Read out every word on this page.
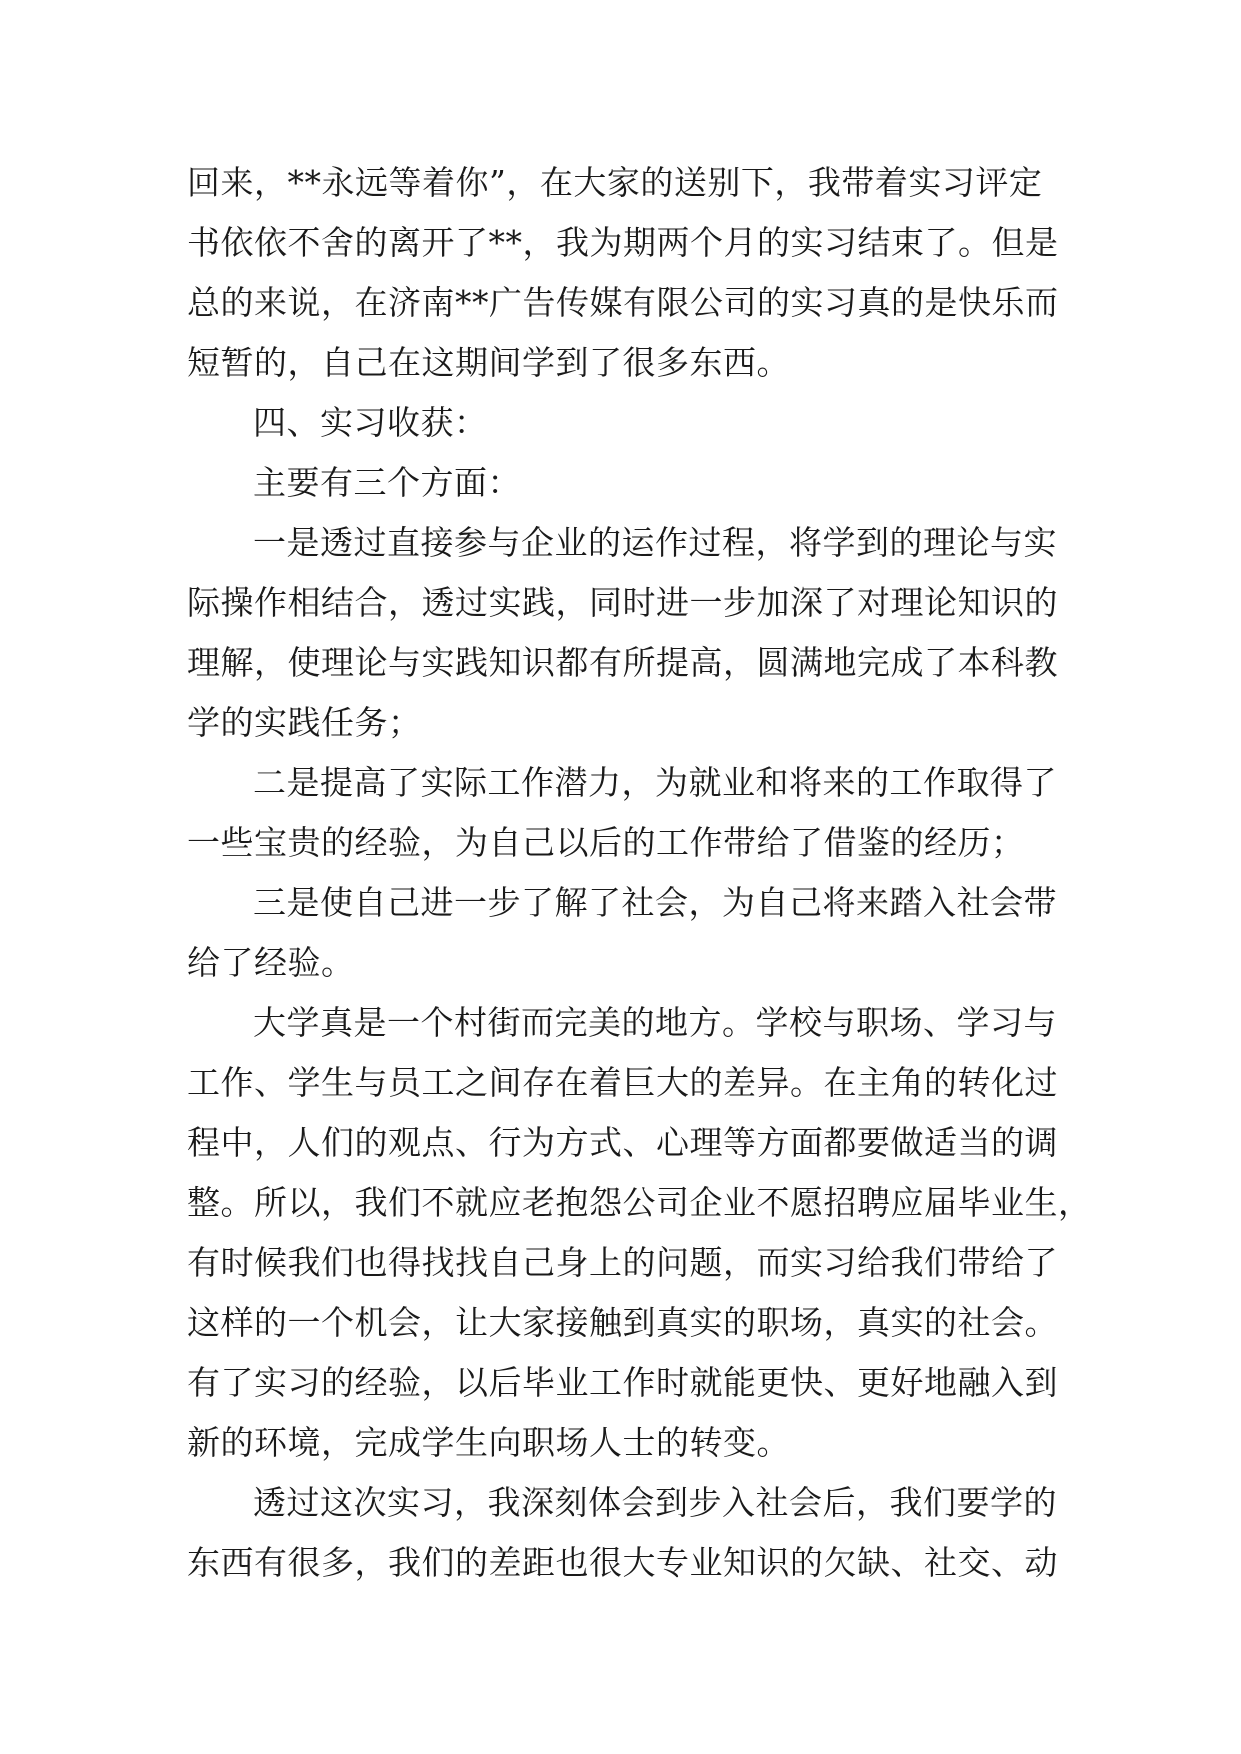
回来，**永远等着你”，在大家的送别下，我带着实习评定
书依依不舍的离开了**，我为期两个月的实习结束了。但是
总的来说，在济南**广告传媒有限公司的实习真的是快乐而
短暂的，自己在这期间学到了很多东西。
四、实习收获：
主要有三个方面：
一是透过直接参与企业的运作过程，将学到的理论与实
际操作相结合，透过实践，同时进一步加深了对理论知识的
理解，使理论与实践知识都有所提高，圆满地完成了本科教
学的实践任务；
二是提高了实际工作潜力，为就业和将来的工作取得了
一些宝贵的经验，为自己以后的工作带给了借鉴的经历；
三是使自己进一步了解了社会，为自己将来踏入社会带
给了经验。
大学真是一个村街而完美的地方。学校与职场、学习与
工作、学生与员工之间存在着巨大的差异。在主角的转化过
程中，人们的观点、行为方式、心理等方面都要做适当的调
整。所以，我们不就应老抱怨公司企业不愿招聘应届毕业生，
有时候我们也得找找自己身上的问题，而实习给我们带给了
这样的一个机会，让大家接触到真实的职场，真实的社会。
有了实习的经验，以后毕业工作时就能更快、更好地融入到
新的环境，完成学生向职场人士的转变。
透过这次实习，我深刻体会到步入社会后，我们要学的
东西有很多，我们的差距也很大专业知识的欠缺、社交、动
